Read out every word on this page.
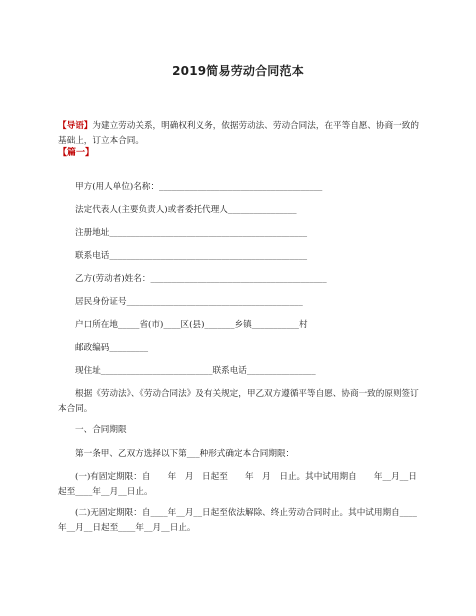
2019简易劳动合同范本
【导语】为建立劳动关系，明确权利义务，依据劳动法、劳动合同法，在平等自愿、协商一致的基础上，订立本合同。
【篇一】
甲方(用人单位)名称：______________________________________
法定代表人(主要负责人)或者委托代理人________________
注册地址______________________________________________
联系电话______________________________________________
乙方(劳动者)姓名：_________________________________________
居民身份证号_________________________________________
户口所在地_____省(市)____区(县)_______乡镇___________村
邮政编码_________
现住址__________________________联系电话________________
根据《劳动法》、《劳动合同法》及有关规定，甲乙双方遵循平等自愿、协商一致的原则签订本合同。
一、合同期限
第一条甲、乙双方选择以下第___种形式确定本合同期限：
(一)有固定期限：自　　年　月　日起至　　年　月　日止。其中试用期自　　年__月__日起至____年__月__日止。
(二)无固定期限：自____年__月__日起至依法解除、终止劳动合同时止。其中试用期自____年__月__日起至____年__月__日止。
